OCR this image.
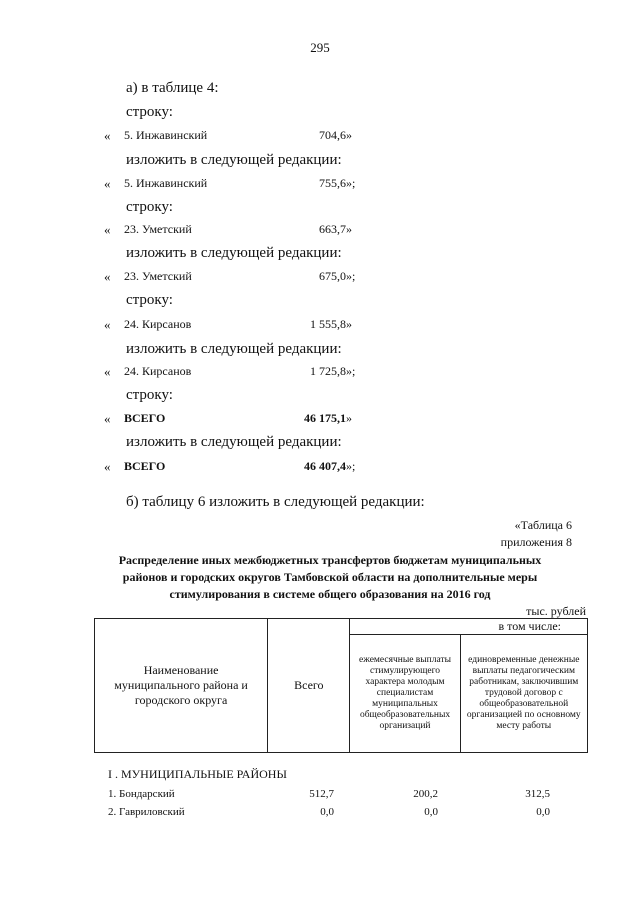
295
а) в таблице 4:
строку:
« 5. Инжавинский	704,6 »
изложить в следующей редакции:
« 5. Инжавинский	755,6 »;
строку:
« 23. Уметский	663,7 »
изложить в следующей редакции:
« 23. Уметский	675,0 »;
строку:
« 24. Кирсанов	1 555,8 »
изложить в следующей редакции:
« 24. Кирсанов	1 725,8 »;
строку:
« ВСЕГО	46 175,1 »
изложить в следующей редакции:
« ВСЕГО	46 407,4 »;
б) таблицу 6 изложить в следующей редакции:
«Таблица 6
приложения 8
Распределение иных межбюджетных трансфертов бюджетам муниципальных районов и городских округов Тамбовской области на дополнительные меры стимулирования в системе общего образования на 2016 год
тыс. рублей
Наименование муниципального района и городского округа	Всего	в том числе:	
		ежемесячные выплаты стимулирующего характера молодым специалистам муниципальных общеобразовательных организаций	единовременные денежные выплаты педагогическим работникам, заключившим трудовой договор с общеобразовательной организацией по основному месту работы
I . МУНИЦИПАЛЬНЫЕ РАЙОНЫ
1. Бондарский	512,7	200,2	312,5
2. Гавриловский	0,0	0,0	0,0
